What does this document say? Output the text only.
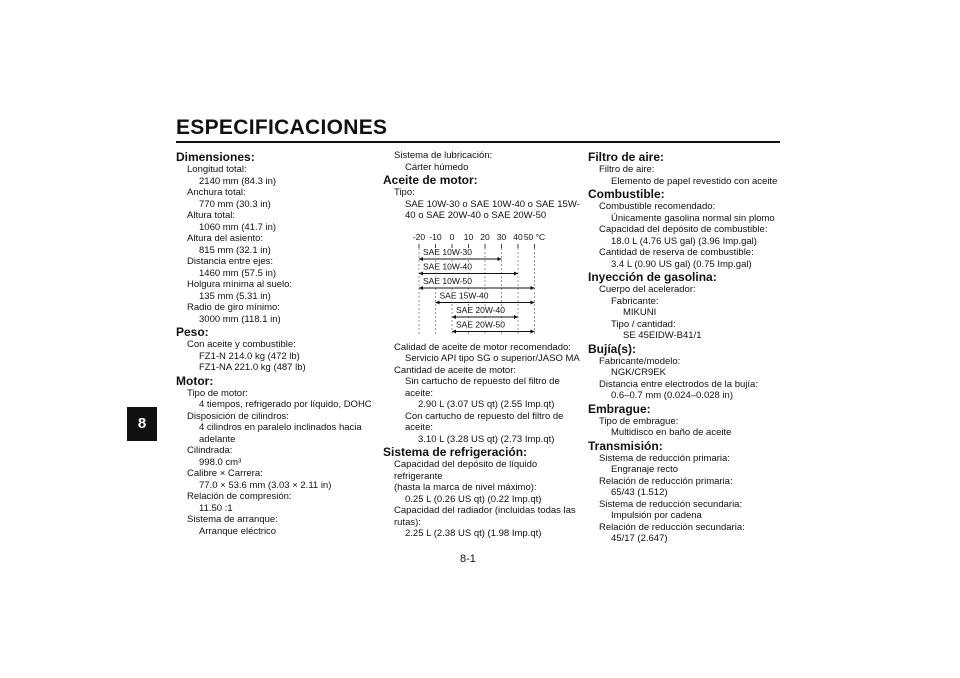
ESPECIFICACIONES
8
8-1
Dimensiones:
Longitud total:
2140 mm (84.3 in)
Anchura total:
770 mm (30.3 in)
Altura total:
1060 mm (41.7 in)
Altura del asiento:
815 mm (32.1 in)
Distancia entre ejes:
1460 mm (57.5 in)
Holgura mínima al suelo:
135 mm (5.31 in)
Radio de giro mínimo:
3000 mm (118.1 in)
Peso:
Con aceite y combustible:
FZ1-N 214.0 kg (472 lb)
FZ1-NA 221.0 kg (487 lb)
Motor:
Tipo de motor:
4 tiempos, refrigerado por líquido, DOHC
Disposición de cilindros:
4 cilindros en paralelo inclinados hacia
adelante
Cilindrada:
998.0 cm³
Calibre × Carrera:
77.0 × 53.6 mm (3.03 × 2.11 in)
Relación de compresión:
11.50 :1
Sistema de arranque:
Arranque eléctrico
Sistema de lubricación:
Cárter húmedo
Aceite de motor:
Tipo:
SAE 10W-30 o SAE 10W-40 o SAE 15W-
40 o SAE 20W-40 o SAE 20W-50
-20 -10 0 10 20 30 40 50 °C
SAE 10W-30
SAE 10W-40
SAE 10W-50
SAE 15W-40
SAE 20W-40
SAE 20W-50
Calidad de aceite de motor recomendado:
Servicio API tipo SG o superior/JASO MA
Cantidad de aceite de motor:
Sin cartucho de repuesto del filtro de
aceite:
2.90 L (3.07 US qt) (2.55 Imp.qt)
Con cartucho de repuesto del filtro de
aceite:
3.10 L (3.28 US qt) (2.73 Imp.qt)
Sistema de refrigeración:
Capacidad del depósito de líquido refrigerante
(hasta la marca de nivel máximo):
0.25 L (0.26 US qt) (0.22 Imp.qt)
Capacidad del radiador (incluidas todas las
rutas):
2.25 L (2.38 US qt) (1.98 Imp.qt)
Filtro de aire:
Filtro de aire:
Elemento de papel revestido con aceite
Combustible:
Combustible recomendado:
Únicamente gasolina normal sin plomo
Capacidad del depósito de combustible:
18.0 L (4.76 US gal) (3.96 Imp.gal)
Cantidad de reserva de combustible:
3.4 L (0.90 US gal) (0.75 Imp.gal)
Inyección de gasolina:
Cuerpo del acelerador:
Fabricante:
MIKUNI
Tipo / cantidad:
SE 45EIDW-B41/1
Bujía(s):
Fabricante/modelo:
NGK/CR9EK
Distancia entre electrodos de la bujía:
0.6–0.7 mm (0.024–0.028 in)
Embrague:
Tipo de embrague:
Multidisco en baño de aceite
Transmisión:
Sistema de reducción primaria:
Engranaje recto
Relación de reducción primaria:
65/43 (1.512)
Sistema de reducción secundaria:
Impulsión por cadena
Relación de reducción secundaria:
45/17 (2.647)
